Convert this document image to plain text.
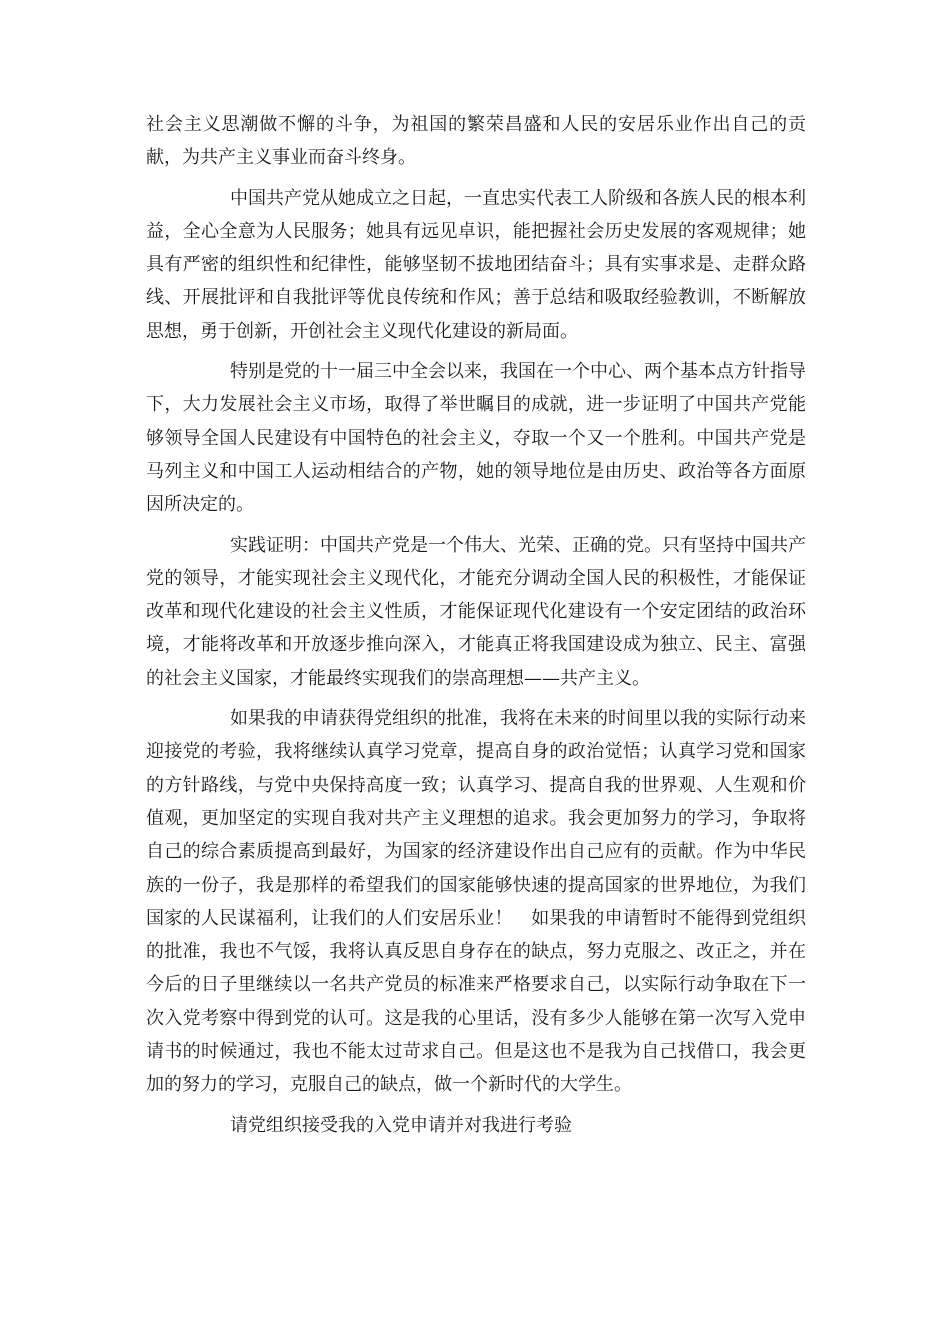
社会主义思潮做不懈的斗争，为祖国的繁荣昌盛和人民的安居乐业作出自己的贡献，为共产主义事业而奋斗终身。

中国共产党从她成立之日起，一直忠实代表工人阶级和各族人民的根本利益，全心全意为人民服务；她具有远见卓识，能把握社会历史发展的客观规律；她具有严密的组织性和纪律性，能够坚韧不拔地团结奋斗；具有实事求是、走群众路线、开展批评和自我批评等优良传统和作风；善于总结和吸取经验教训，不断解放思想，勇于创新，开创社会主义现代化建设的新局面。

特别是党的十一届三中全会以来，我国在一个中心、两个基本点方针指导下，大力发展社会主义市场，取得了举世瞩目的成就，进一步证明了中国共产党能够领导全国人民建设有中国特色的社会主义，夺取一个又一个胜利。中国共产党是马列主义和中国工人运动相结合的产物，她的领导地位是由历史、政治等各方面原因所决定的。

实践证明：中国共产党是一个伟大、光荣、正确的党。只有坚持中国共产党的领导，才能实现社会主义现代化，才能充分调动全国人民的积极性，才能保证改革和现代化建设的社会主义性质，才能保证现代化建设有一个安定团结的政治环境，才能将改革和开放逐步推向深入，才能真正将我国建设成为独立、民主、富强的社会主义国家，才能最终实现我们的崇高理想——共产主义。

如果我的申请获得党组织的批准，我将在未来的时间里以我的实际行动来迎接党的考验，我将继续认真学习党章，提高自身的政治觉悟；认真学习党和国家的方针路线，与党中央保持高度一致；认真学习、提高自我的世界观、人生观和价值观，更加坚定的实现自我对共产主义理想的追求。我会更加努力的学习，争取将自己的综合素质提高到最好，为国家的经济建设作出自己应有的贡献。作为中华民族的一份子，我是那样的希望我们的国家能够快速的提高国家的世界地位，为我们国家的人民谋福利，让我们的人们安居乐业！　如果我的申请暂时不能得到党组织的批准，我也不气馁，我将认真反思自身存在的缺点，努力克服之、改正之，并在今后的日子里继续以一名共产党员的标准来严格要求自己，以实际行动争取在下一次入党考察中得到党的认可。这是我的心里话，没有多少人能够在第一次写入党申请书的时候通过，我也不能太过苛求自己。但是这也不是我为自己找借口，我会更加的努力的学习，克服自己的缺点，做一个新时代的大学生。

请党组织接受我的入党申请并对我进行考验
